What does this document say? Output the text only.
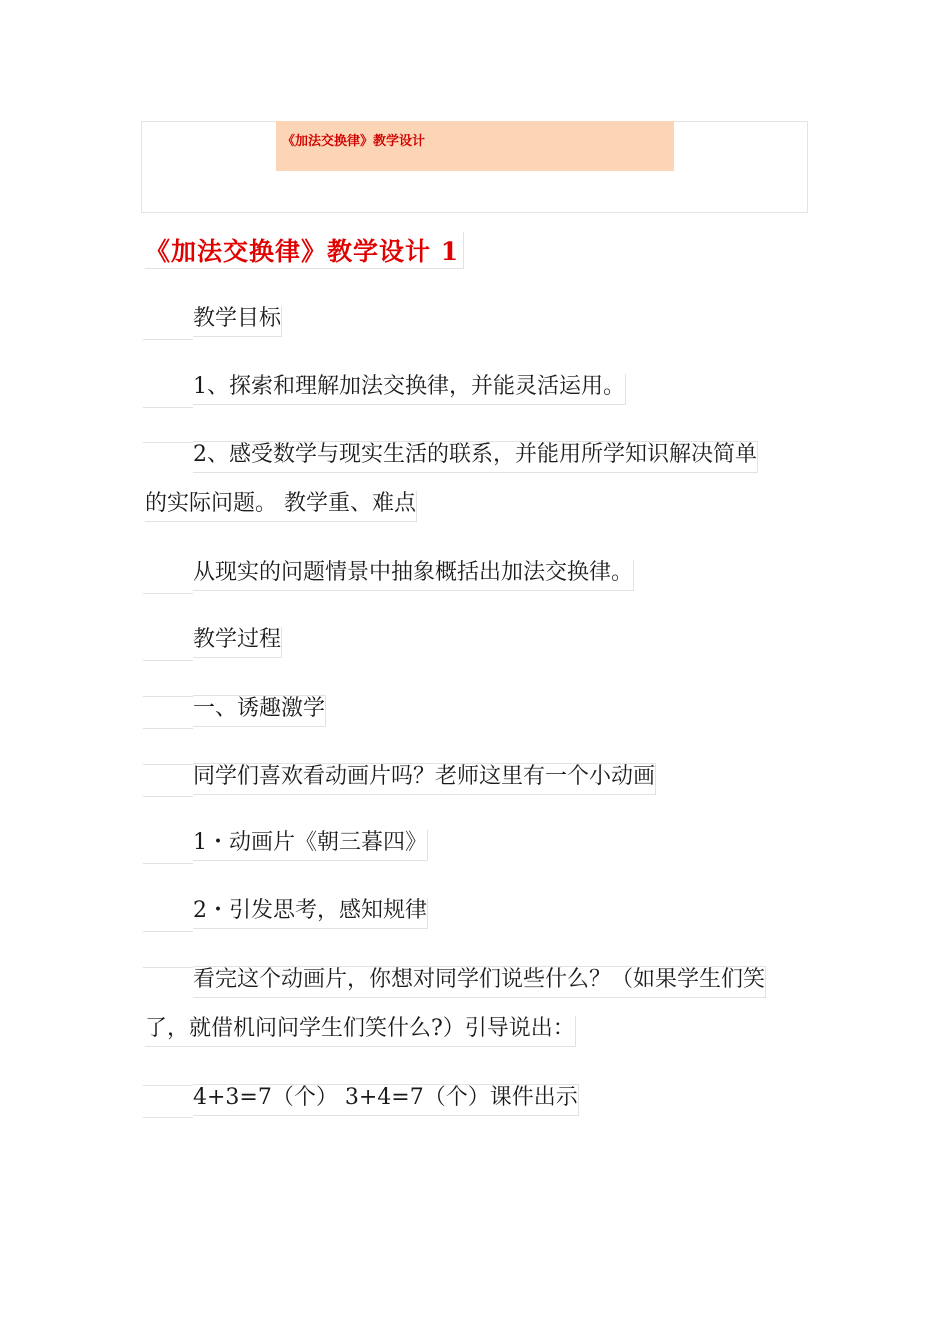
《加法交换律》教学设计
《加法交换律》教学设计 1
教学目标
1、探索和理解加法交换律，并能灵活运用。
2、感受数学与现实生活的联系，并能用所学知识解决简单
的实际问题。 教学重、难点
从现实的问题情景中抽象概括出加法交换律。
教学过程
一、诱趣激学
同学们喜欢看动画片吗？老师这里有一个小动画
1・动画片《朝三暮四》
2・引发思考，感知规律
看完这个动画片，你想对同学们说些什么？（如果学生们笑
了，就借机问问学生们笑什么?）引导说出：
4+3=7（个） 3+4=7（个）课件出示
